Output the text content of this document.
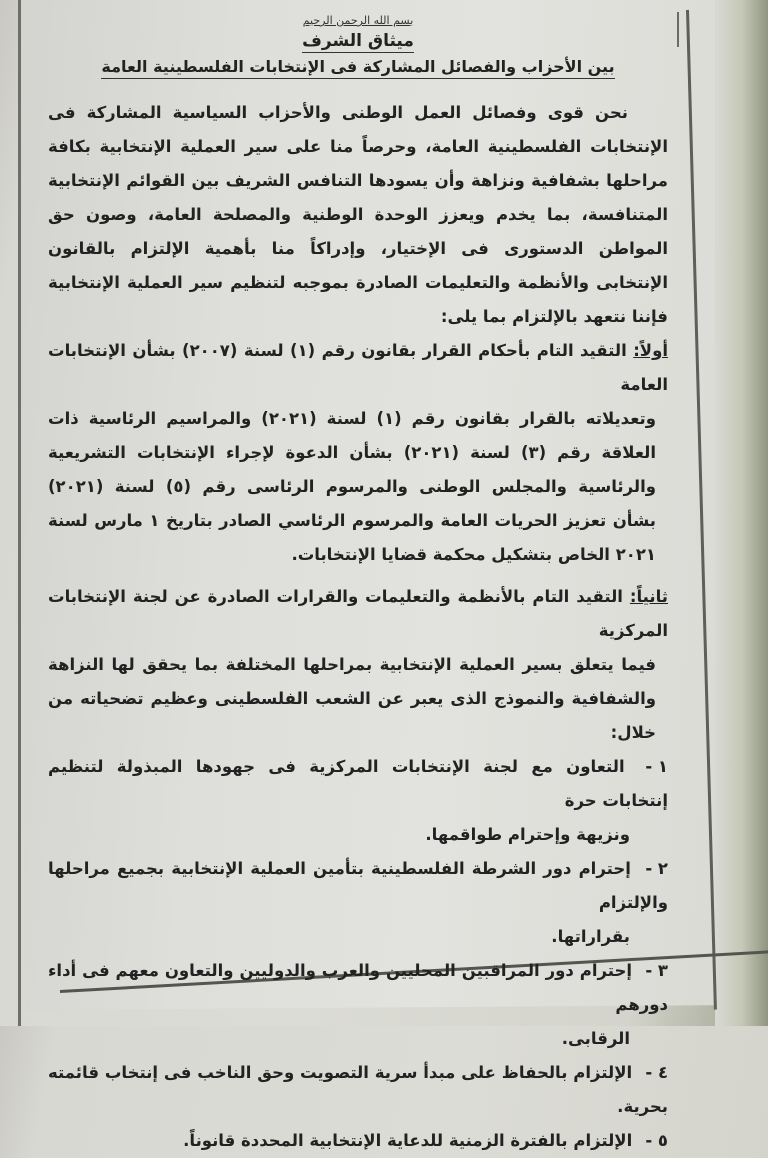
بسم الله الرحمن الرحيم
ميثاق الشرف
بين الأحزاب والفصائل المشاركة فى الإنتخابات الفلسطينية العامة

نحن قوى وفصائل العمل الوطنى والأحزاب السياسية المشاركة فى الإنتخابات الفلسطينية العامة، وحرصاً منا على سير العملية الإنتخابية بكافة مراحلها بشفافية ونزاهة وأن يسودها التنافس الشريف بين القوائم الإنتخابية المتنافسة، بما يخدم ويعزز الوحدة الوطنية والمصلحة العامة، وصون حق المواطن الدستورى فى الإختيار، وإدراكاً منا بأهمية الإلتزام بالقانون الإنتخابى والأنظمة والتعليمات الصادرة بموجبه لتنظيم سير العملية الإنتخابية فإننا نتعهد بالإلتزام بما يلى:

أولاً: التقيد التام بأحكام القرار بقانون رقم (١) لسنة (٢٠٠٧) بشأن الإنتخابات العامة
وتعديلاته بالقرار بقانون رقم (١) لسنة (٢٠٢١) والمراسيم الرئاسية ذات العلاقة رقم (٣) لسنة (٢٠٢١) بشأن الدعوة لإجراء الإنتخابات التشريعية والرئاسية والمجلس الوطنى والمرسوم الرئاسى رقم (٥) لسنة (٢٠٢١) بشأن تعزيز الحريات العامة والمرسوم الرئاسي الصادر بتاريخ ١ مارس لسنة ٢٠٢١ الخاص بتشكيل محكمة قضايا الإنتخابات.
ثانياً: التقيد التام بالأنظمة والتعليمات والقرارات الصادرة عن لجنة الإنتخابات المركزية
فيما يتعلق بسير العملية الإنتخابية بمراحلها المختلفة بما يحقق لها النزاهة والشفافية والنموذج الذى يعبر عن الشعب الفلسطينى وعظيم تضحياته من خلال:
١ - التعاون مع لجنة الإنتخابات المركزية فى جهودها المبذولة لتنظيم إنتخابات حرة
ونزيهة وإحترام طواقمها.
٢ - إحترام دور الشرطة الفلسطينية بتأمين العملية الإنتخابية بجميع مراحلها والإلتزام
بقراراتها.
٣ - إحترام دور المراقبين المحليين والعرب والدوليين والتعاون معهم فى أداء دورهم
الرقابى.
٤ - الإلتزام بالحفاظ على مبدأ سرية التصويت وحق الناخب فى إنتخاب قائمته بحرية.
٥ - الإلتزام بالفترة الزمنية للدعاية الإنتخابية المحددة قانوناً.
